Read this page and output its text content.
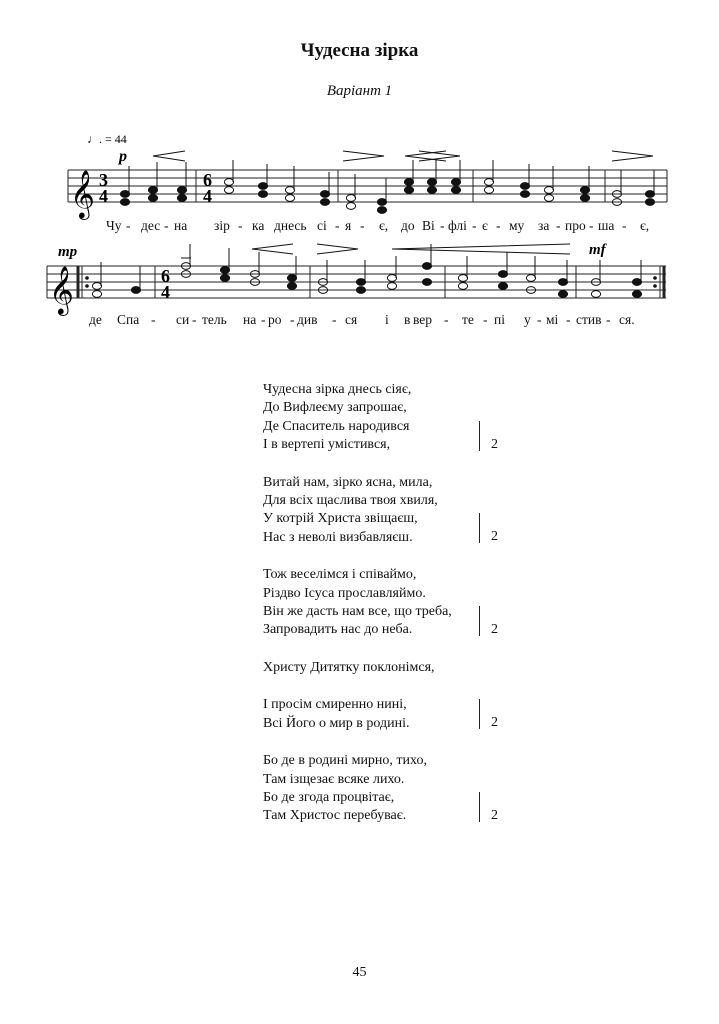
Чудесна зірка
Варіант 1
♩. = 44
p
𝄞 3
4
6
4
mp	mf
𝄞	6
4
Чу - дес - на зір - ка днесь сі - я - є, до Ві - флі - є - му за - про - ша - є,
де Спа - си - тель на - ро - див - ся і в вер - те - пі у - мі - стив - ся.
Чудесна зірка днесь сіяє,
До Вифлеєму запрошає,
Де Спаситель народився
І в вертепі умістився,	2
Витай нам, зірко ясна, мила,
Для всіх щаслива твоя хвиля,
У котрій Христа звіщаєш,
Нас з неволі визбавляєш.	2
Тож веселімся і співаймо,
Різдво Ісуса прославляймо.
Він же дасть нам все, що треба,
Запровадить нас до неба.	2
Христу Дитятку поклонімся,
І просім смиренно нині,
Всі Його о мир в родині.	2
Бо де в родині мирно, тихо,
Там ізщезає всяке лихо.
Бо де згода процвітає,
Там Христос перебуває.	2
45
